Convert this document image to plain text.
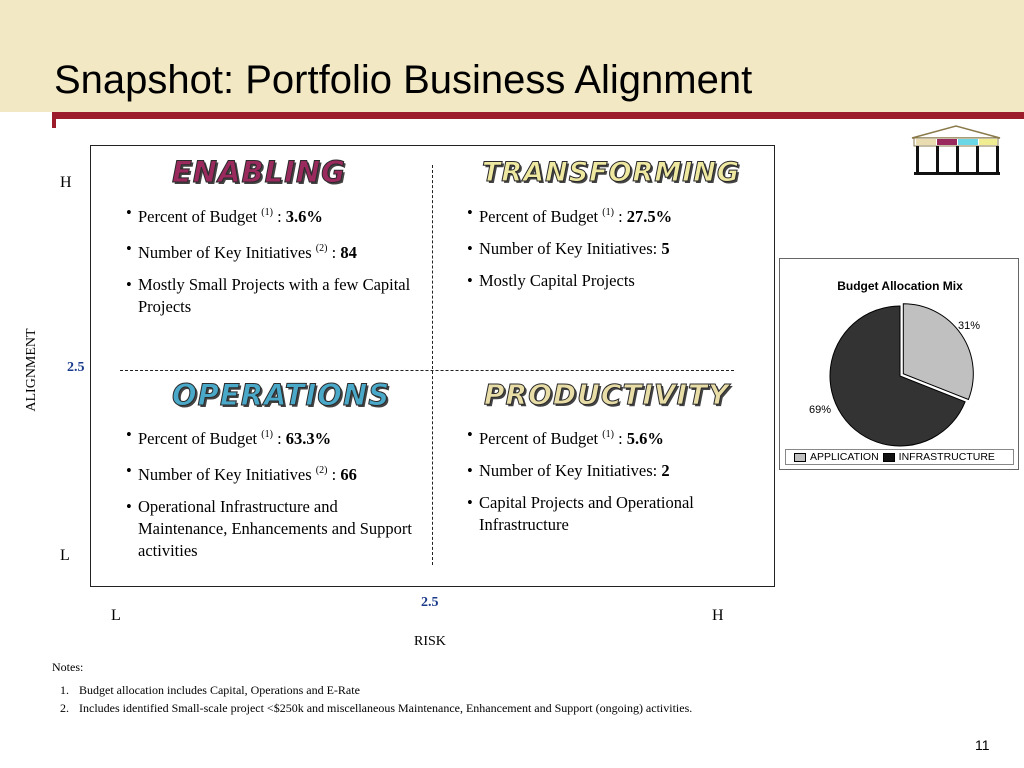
Snapshot: Portfolio Business Alignment
H
L
ALIGNMENT 2.5
L	H
2.5
RISK
ENABLING	TRANSFORMING
OPERATIONS	PRODUCTIVITY
• Percent of Budget $^{(1)}$ : 3.6%
• Number of Key Initiatives $^{(2)}$ : 84
• Mostly Small Projects with a few Capital Projects
• Percent of Budget $^{(1)}$ : 27.5%
• Number of Key Initiatives: 5
• Mostly Capital Projects
• Percent of Budget $^{(1)}$ : 63.3%
• Number of Key Initiatives $^{(2)}$ : 66
• Operational Infrastructure and Maintenance, Enhancements and Support activities
• Percent of Budget $^{(1)}$ : 5.6%
• Number of Key Initiatives: 2
• Capital Projects and Operational Infrastructure
Budget Allocation Mix
31%
69%
APPLICATION INFRASTRUCTURE
Notes:
1. Budget allocation includes Capital, Operations and E-Rate
2. Includes identified Small-scale project <$250k and miscellaneous Maintenance, Enhancement and Support (ongoing) activities.
11
